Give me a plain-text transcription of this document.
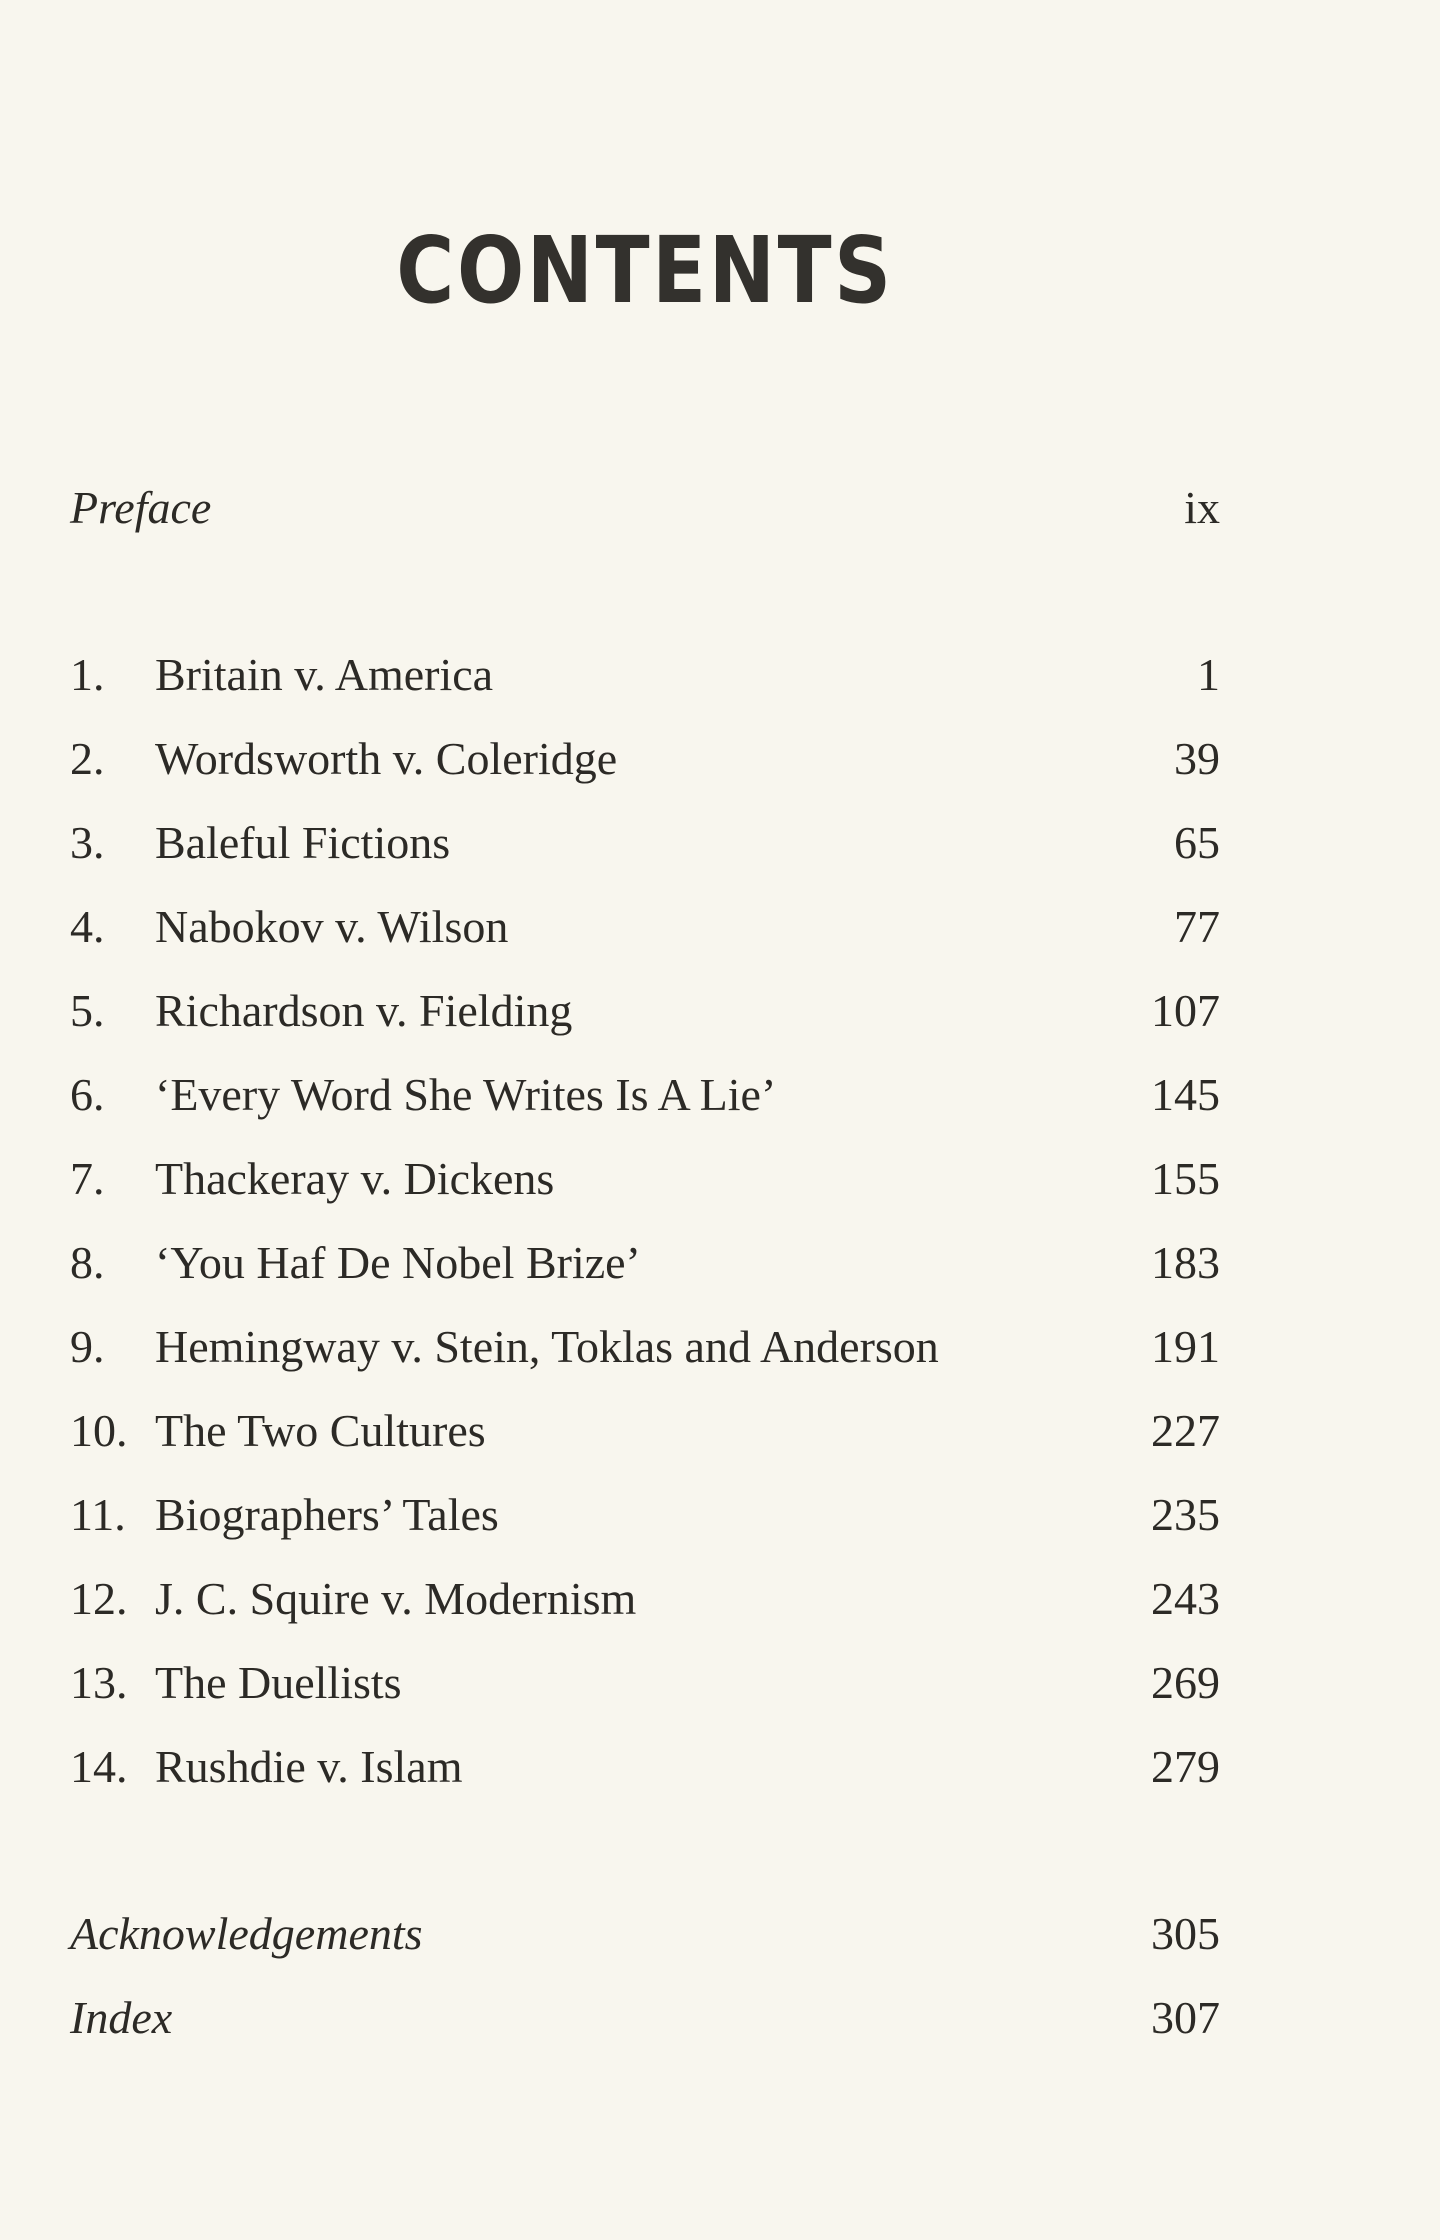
CONTENTS
Preface	ix
1. Britain v. America	1
2. Wordsworth v. Coleridge	39
3. Baleful Fictions	65
4. Nabokov v. Wilson	77
5. Richardson v. Fielding	107
6. ‘Every Word She Writes Is A Lie’	145
7. Thackeray v. Dickens	155
8. ‘You Haf De Nobel Brize’	183
9. Hemingway v. Stein, Toklas and Anderson	191
10. The Two Cultures	227
11. Biographers’ Tales	235
12. J. C. Squire v. Modernism	243
13. The Duellists	269
14. Rushdie v. Islam	279
Acknowledgements	305
Index	307
